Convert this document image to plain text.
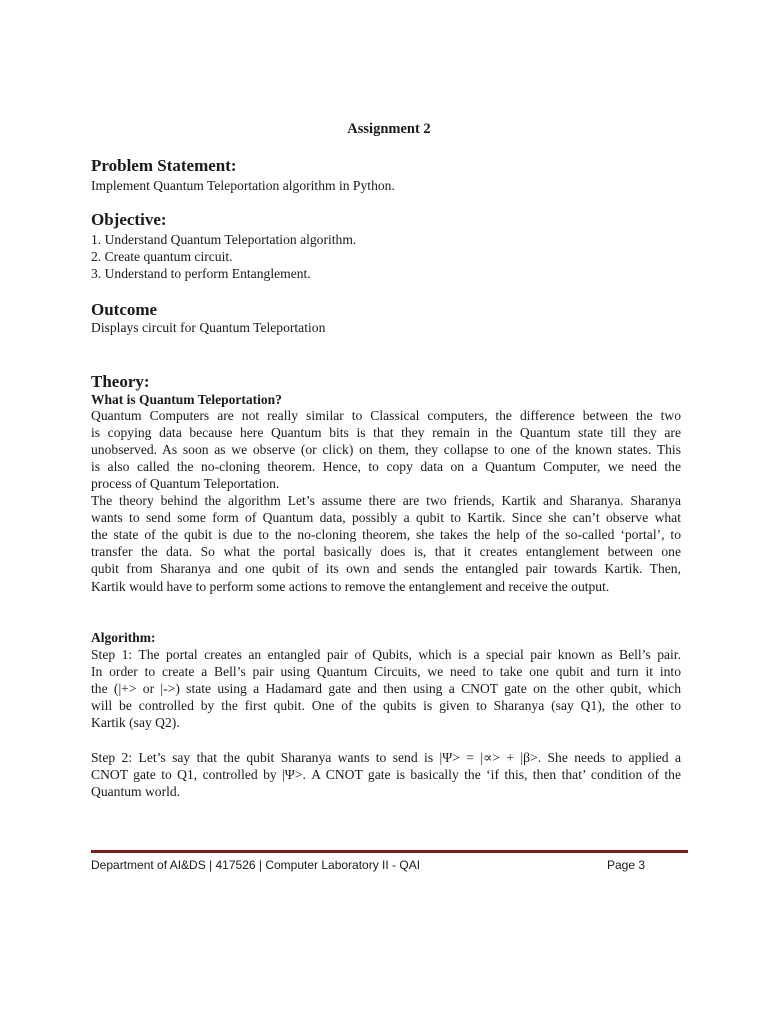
Assignment 2
Problem Statement:
Implement Quantum Teleportation algorithm in Python.
Objective:
1. Understand Quantum Teleportation algorithm.
2. Create quantum circuit.
3. Understand to perform Entanglement.
Outcome
Displays circuit for Quantum Teleportation
Theory:
What is Quantum Teleportation?
Quantum Computers are not really similar to Classical computers, the difference between the two
is copying data because here Quantum bits is that they remain in the Quantum state till they are
unobserved. As soon as we observe (or click) on them, they collapse to one of the known states. This
is also called the no-cloning theorem. Hence, to copy data on a Quantum Computer, we need the
process of Quantum Teleportation.
The theory behind the algorithm Let’s assume there are two friends, Kartik and Sharanya. Sharanya
wants to send some form of Quantum data, possibly a qubit to Kartik. Since she can’t observe what
the state of the qubit is due to the no-cloning theorem, she takes the help of the so-called ‘portal’, to
transfer the data. So what the portal basically does is, that it creates entanglement between one
qubit from Sharanya and one qubit of its own and sends the entangled pair towards Kartik. Then,
Kartik would have to perform some actions to remove the entanglement and receive the output.
Algorithm:
Step 1: The portal creates an entangled pair of Qubits, which is a special pair known as Bell’s pair.
In order to create a Bell’s pair using Quantum Circuits, we need to take one qubit and turn it into
the (|+> or |->) state using a Hadamard gate and then using a CNOT gate on the other qubit, which
will be controlled by the first qubit. One of the qubits is given to Sharanya (say Q1), the other to
Kartik (say Q2).
Step 2: Let’s say that the qubit Sharanya wants to send is |Ψ> = |∝> + |β>. She needs to applied a
CNOT gate to Q1, controlled by |Ψ>. A CNOT gate is basically the ‘if this, then that’ condition of the
Quantum world.
Department of AI&DS | 417526 | Computer Laboratory II - QAI	Page 3
